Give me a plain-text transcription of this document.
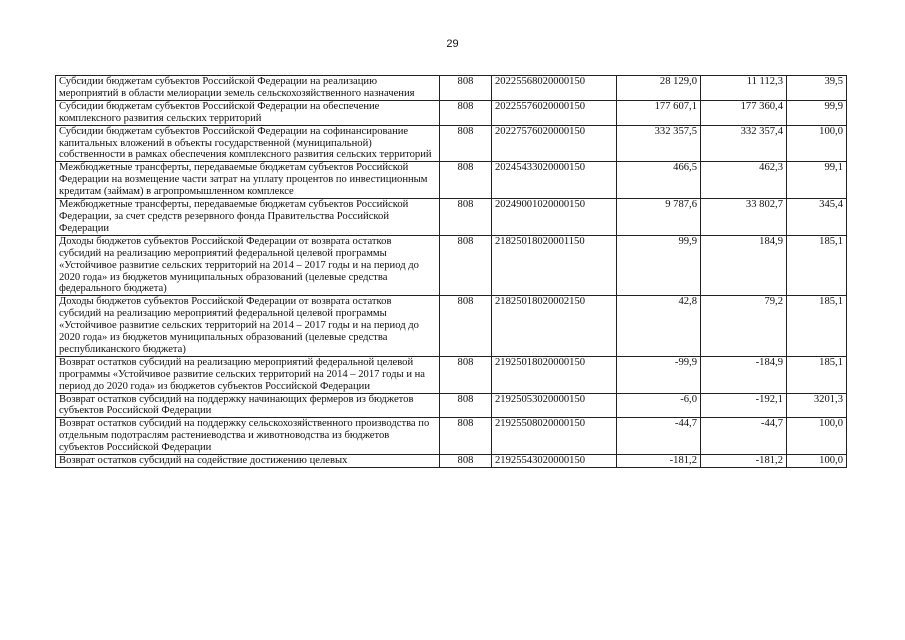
29
Субсидии бюджетам субъектов Российской Федерации на реализацию мероприятий в области мелиорации земель сельскохозяйственного назначения	808	20225568020000150	28 129,0	11 112,3	39,5
Субсидии бюджетам субъектов Российской Федерации на обеспечение комплексного развития сельских территорий	808	20225576020000150	177 607,1	177 360,4	99,9
Субсидии бюджетам субъектов Российской Федерации на софинансирование капитальных вложений в объекты государственной (муниципальной) собственности в рамках обеспечения комплексного развития сельских территорий	808	20227576020000150	332 357,5	332 357,4	100,0
Межбюджетные трансферты, передаваемые бюджетам субъектов Российской Федерации на возмещение части затрат на уплату процентов по инвестиционным кредитам (займам) в агропромышленном комплексе	808	20245433020000150	466,5	462,3	99,1
Межбюджетные трансферты, передаваемые бюджетам субъектов Российской Федерации, за счет средств резервного фонда Правительства Российской Федерации	808	20249001020000150	9 787,6	33 802,7	345,4
Доходы бюджетов субъектов Российской Федерации от возврата остатков субсидий на реализацию мероприятий федеральной целевой программы «Устойчивое развитие сельских территорий на 2014 – 2017 годы и на период до 2020 года» из бюджетов муниципальных образований (целевые средства федерального бюджета)	808	21825018020001150	99,9	184,9	185,1
Доходы бюджетов субъектов Российской Федерации от возврата остатков субсидий на реализацию мероприятий федеральной целевой программы «Устойчивое развитие сельских территорий на 2014 – 2017 годы и на период до 2020 года» из бюджетов муниципальных образований (целевые средства республиканского бюджета)	808	21825018020002150	42,8	79,2	185,1
Возврат остатков субсидий на реализацию мероприятий федеральной целевой программы «Устойчивое развитие сельских территорий на 2014 – 2017 годы и на период до 2020 года» из бюджетов субъектов Российской Федерации	808	21925018020000150	-99,9	-184,9	185,1
Возврат остатков субсидий на поддержку начинающих фермеров из бюджетов субъектов Российской Федерации	808	21925053020000150	-6,0	-192,1	3201,3
Возврат остатков субсидий на поддержку сельскохозяйственного производства по отдельным подотраслям растениеводства и животноводства из бюджетов субъектов Российской Федерации	808	21925508020000150	-44,7	-44,7	100,0
Возврат остатков субсидий на содействие достижению целевых	808	21925543020000150	-181,2	-181,2	100,0
